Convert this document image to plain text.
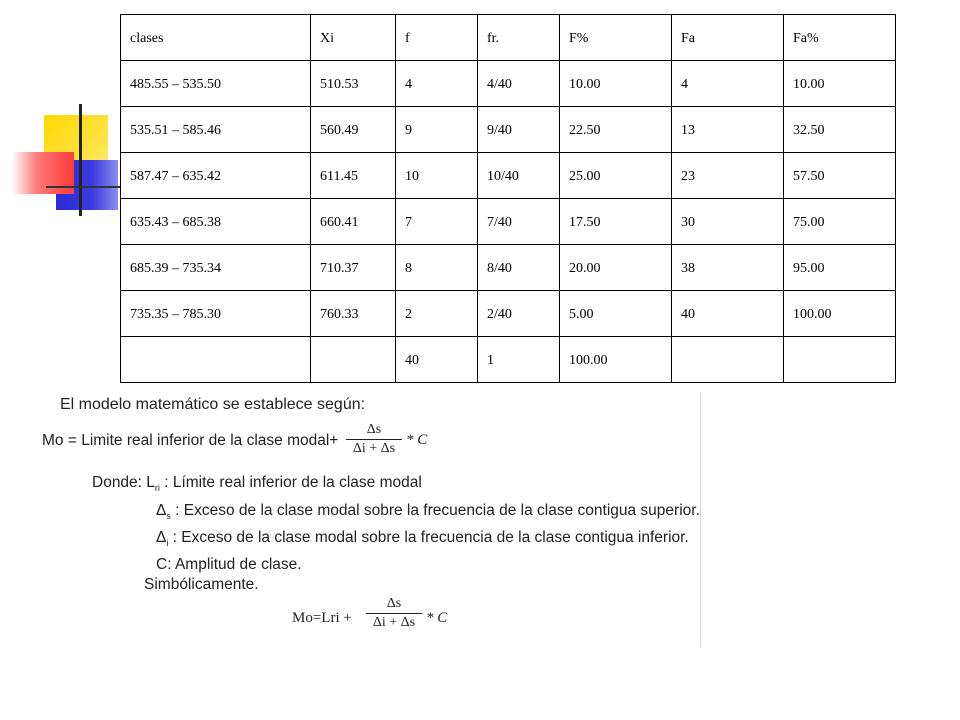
clases	Xi	f	fr.	F%	Fa	Fa%
485.55 – 535.50	510.53	4	4/40	10.00	4	10.00
535.51 – 585.46	560.49	9	9/40	22.50	13	32.50
587.47 – 635.42	611.45	10	10/40	25.00	23	57.50
635.43 – 685.38	660.41	7	7/40	17.50	30	75.00
685.39 – 735.34	710.37	8	8/40	20.00	38	95.00
735.35 – 785.30	760.33	2	2/40	5.00	40	100.00
		40	1	100.00		
El modelo matemático se establece según:
Mo = Limite real inferior de la clase modal+ $\frac{\Delta s}{\Delta i + \Delta s}$ * C
Donde: $L_{ri}$ : Límite real inferior de la clase modal
$\Delta_s$ : Exceso de la clase modal sobre la frecuencia de la clase contigua superior.
$\Delta_i$ : Exceso de la clase modal sobre la frecuencia de la clase contigua inferior.
C: Amplitud de clase.
Simbólicamente.
$Mo=Lri + \frac{\Delta s}{\Delta i + \Delta s} * C$
